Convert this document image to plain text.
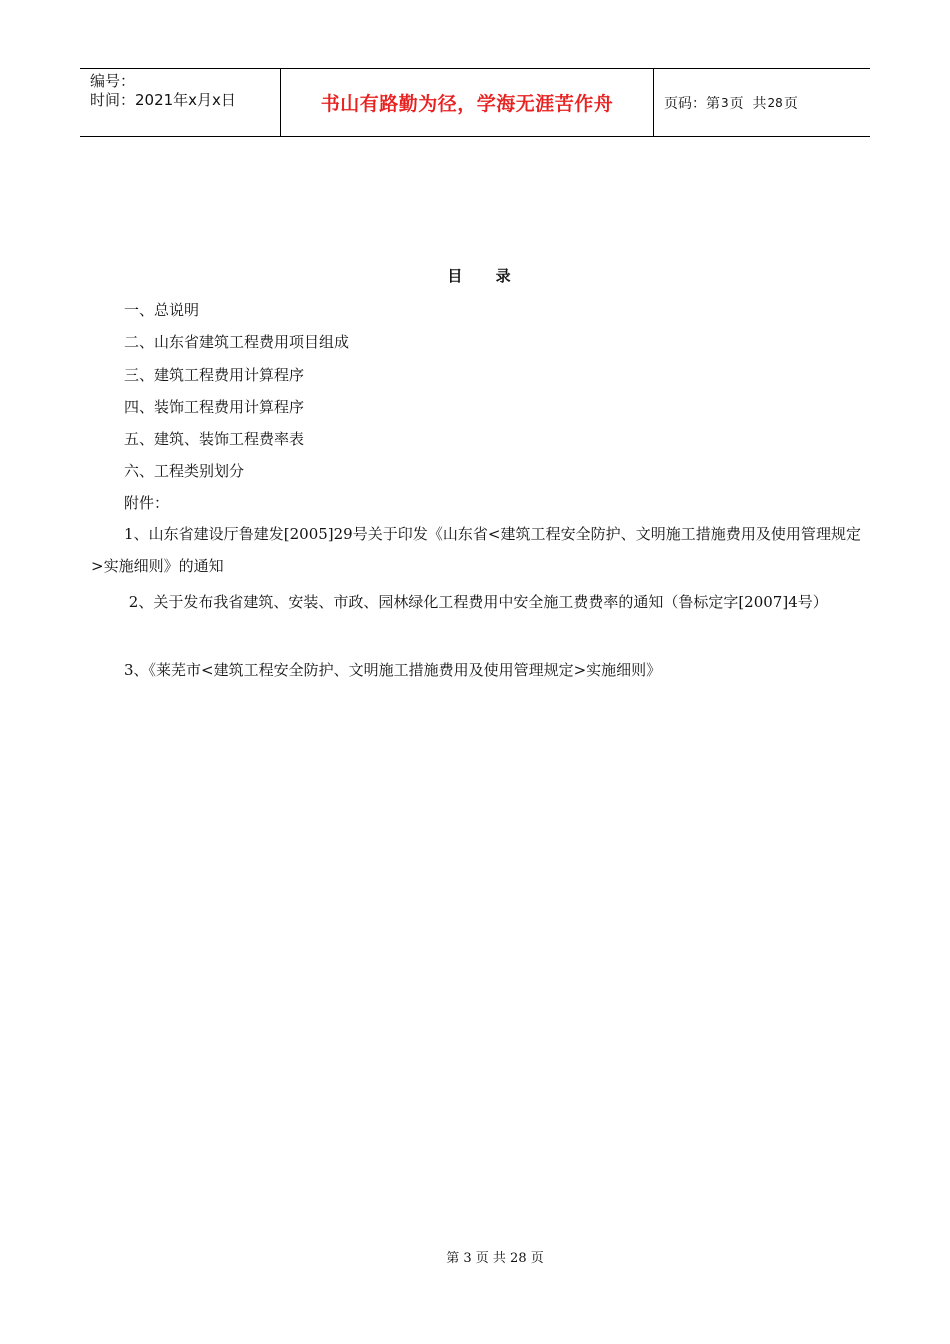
编号：
时间：2021年x月x日	书山有路勤为径，学海无涯苦作舟	页码：第 3 页  共 28 页
目 录
一、总说明
二、山东省建筑工程费用项目组成
三、建筑工程费用计算程序
四、装饰工程费用计算程序
五、建筑、装饰工程费率表
六、工程类别划分
附件：

1、山东省建设厅鲁建发[2005]29号关于印发《山东省<建筑工程安全防护、文明施工措施费用及使用管理规定>实施细则》的通知

2、关于发布我省建筑、安装、市政、园林绿化工程费用中安全施工费费率的通知（鲁标定字[2007]4号）

3、《莱芜市<建筑工程安全防护、文明施工措施费用及使用管理规定>实施细则》

第 3 页 共 28 页
